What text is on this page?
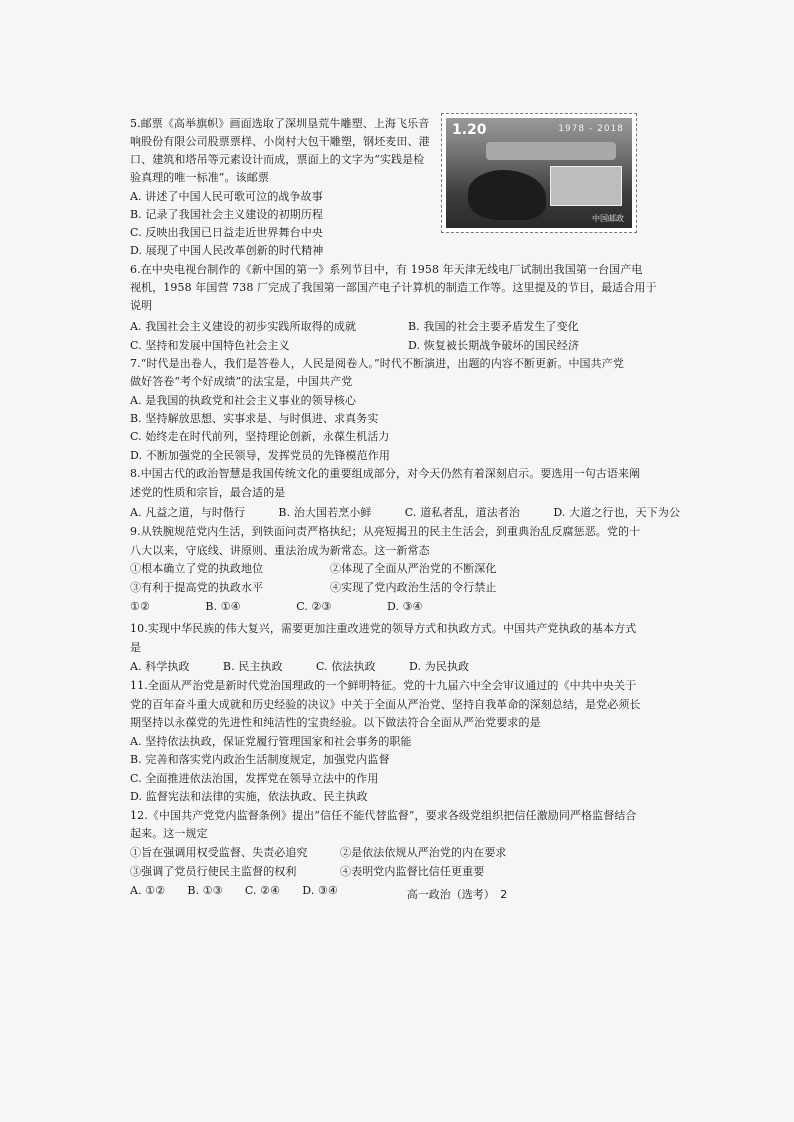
1.20	1978 - 2018
中国邮政
5.邮票《高举旗帜》画面选取了深圳垦荒牛雕塑、上海飞乐音
响股份有限公司股票票样、小岗村大包干雕塑，钢坯麦田、港
口、建筑和塔吊等元素设计而成，票面上的文字为“实践是检
验真理的唯一标准”。该邮票
A. 讲述了中国人民可歌可泣的战争故事
B. 记录了我国社会主义建设的初期历程
C. 反映出我国已日益走近世界舞台中央
D. 展现了中国人民改革创新的时代精神
6.在中央电视台制作的《新中国的第一》系列节目中，有 1958 年天津无线电厂试制出我国第一台国产电
视机，1958 年国营 738 厂完成了我国第一部国产电子计算机的制造工作等。这里提及的节目，最适合用于
说明
A. 我国社会主义建设的初步实践所取得的成就	B. 我国的社会主要矛盾发生了变化
C. 坚持和发展中国特色社会主义	D. 恢复被长期战争破坏的国民经济
7.“时代是出卷人，我们是答卷人，人民是阅卷人。”时代不断演进，出题的内容不断更新。中国共产党
做好答卷“考个好成绩”的法宝是，中国共产党
A. 是我国的执政党和社会主义事业的领导核心
B. 坚持解放思想、实事求是、与时俱进、求真务实
C. 始终走在时代前列，坚持理论创新，永葆生机活力
D. 不断加强党的全民领导，发挥党员的先锋模范作用
8.中国古代的政治智慧是我国传统文化的重要组成部分，对今天仍然有着深刻启示。要选用一句古语来阐
述党的性质和宗旨，最合适的是
A. 凡益之道，与时偕行　　　B. 治大国若烹小鲜　　　C. 道私者乱，道法者治　　　D. 大道之行也，天下为公
9.从铁腕规范党内生活，到铁面问责严格执纪；从亮短揭丑的民主生活会，到重典治乱反腐惩恶。党的十
八大以来，守底线、讲原则、重法治成为新常态。这一新常态
①根本确立了党的执政地位	②体现了全面从严治党的不断深化
③有利于提高党的执政水平	④实现了党内政治生活的令行禁止
①②　　　　　B. ①④　　　　　C. ②③　　　　　D. ③④
10.实现中华民族的伟大复兴，需要更加注重改进党的领导方式和执政方式。中国共产党执政的基本方式
是
A. 科学执政　　　B. 民主执政　　　C. 依法执政　　　D. 为民执政
11.全面从严治党是新时代党治国理政的一个鲜明特征。党的十九届六中全会审议通过的《中共中央关于
党的百年奋斗重大成就和历史经验的决议》中关于全面从严治党、坚持自我革命的深刻总结，是党必须长
期坚持以永葆党的先进性和纯洁性的宝贵经验。以下做法符合全面从严治党要求的是
A. 坚持依法执政，保证党履行管理国家和社会事务的职能
B. 完善和落实党内政治生活制度规定，加强党内监督
C. 全面推进依法治国，发挥党在领导立法中的作用
D. 监督宪法和法律的实施，依法执政、民主执政
12.《中国共产党党内监督条例》提出“信任不能代替监督”，要求各级党组织把信任激励同严格监督结合
起来。这一规定
①旨在强调用权受监督、失责必追究	②是依法依规从严治党的内在要求
③强调了党员行使民主监督的权利	④表明党内监督比信任更重要
A. ①②　　B. ①③　　C. ②④　　D. ③④	高一政治（选考）　2
